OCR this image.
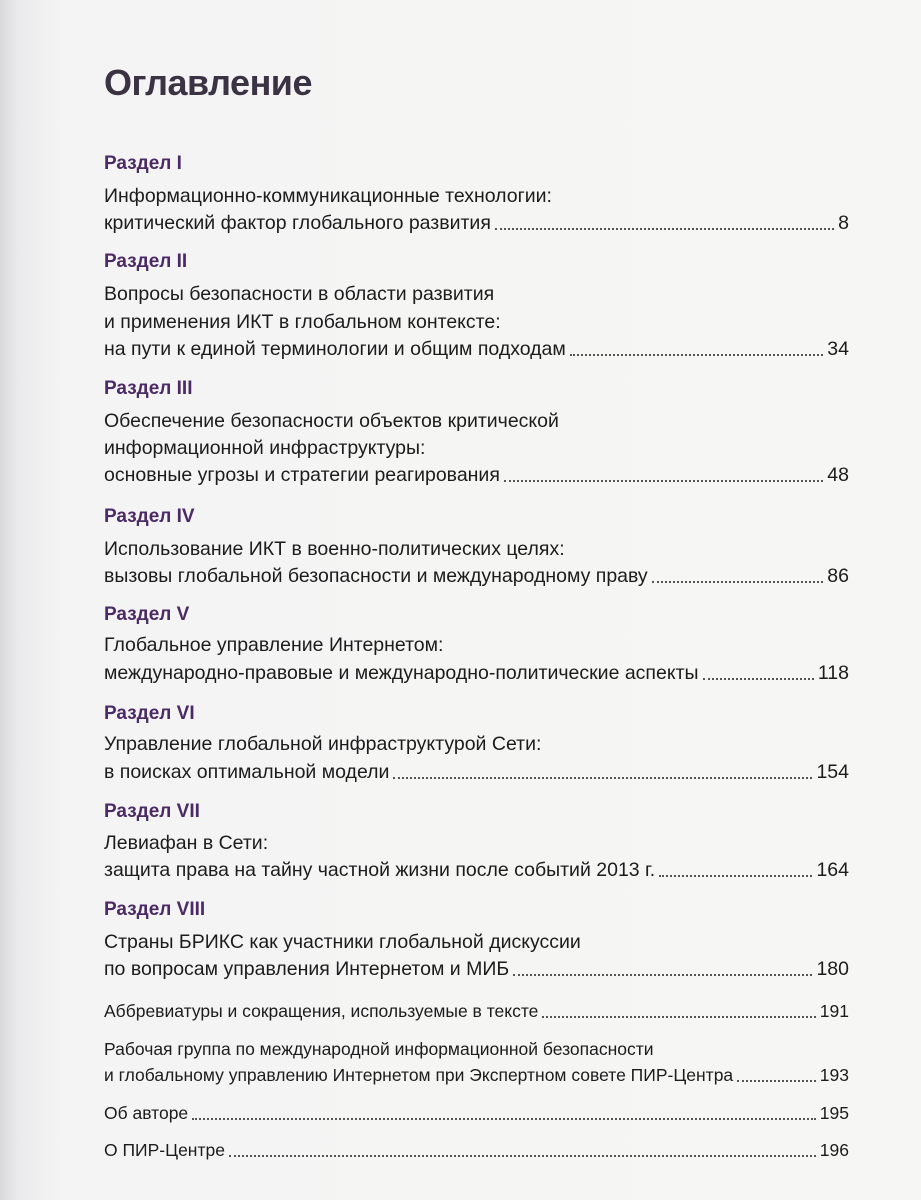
Оглавление
Раздел I
Информационно-коммуникационные технологии:
критический фактор глобального развития	8
Раздел II
Вопросы безопасности в области развития
и применения ИКТ в глобальном контексте:
на пути к единой терминологии и общим подходам	34
Раздел III
Обеспечение безопасности объектов критической
информационной инфраструктуры:
основные угрозы и стратегии реагирования	48
Раздел IV
Использование ИКТ в военно-политических целях:
вызовы глобальной безопасности и международному праву	86
Раздел V
Глобальное управление Интернетом:
международно-правовые и международно-политические аспекты	118
Раздел VI
Управление глобальной инфраструктурой Сети:
в поисках оптимальной модели	154
Раздел VII
Левиафан в Сети:
защита права на тайну частной жизни после событий 2013 г.	164
Раздел VIII
Страны БРИКС как участники глобальной дискуссии
по вопросам управления Интернетом и МИБ	180
Аббревиатуры и сокращения, используемые в тексте	191
Рабочая группа по международной информационной безопасности
и глобальному управлению Интернетом при Экспертном совете ПИР-Центра	193
Об авторе	195
О ПИР-Центре	196
